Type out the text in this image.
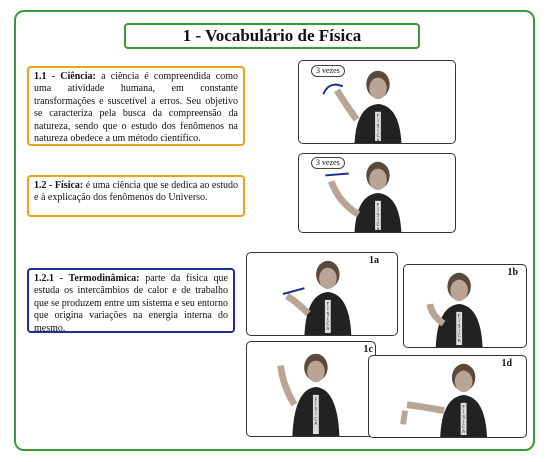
1 - Vocabulário de Física
1.1 - Ciência: a ciência é compreendida como uma atividade humana, em constante transformações e suscetível a erros. Seu objetivo se caracteriza pela busca da compreensão da natureza, sendo que o estudo dos fenômenos na natureza obedece a um método científico.
1.2 - Física: é uma ciência que se dedica ao estudo e à explicação dos fenômenos do Universo.
1.2.1 - Termodinâmica: parte da física que estuda os intercâmbios de calor e de trabalho que se produzem entre um sistema e seu entorno que origina variações na energia interna do mesmo.
F
Í
S
I
C
A
3 vezes
F
Í
S
I
C
A
3 vezes
F
Í
S
I
C
A
1a
F
Í
S
I
C
A
1b
F
Í
S
I
C
A
1c
F
Í
S
I
C
A
1d
